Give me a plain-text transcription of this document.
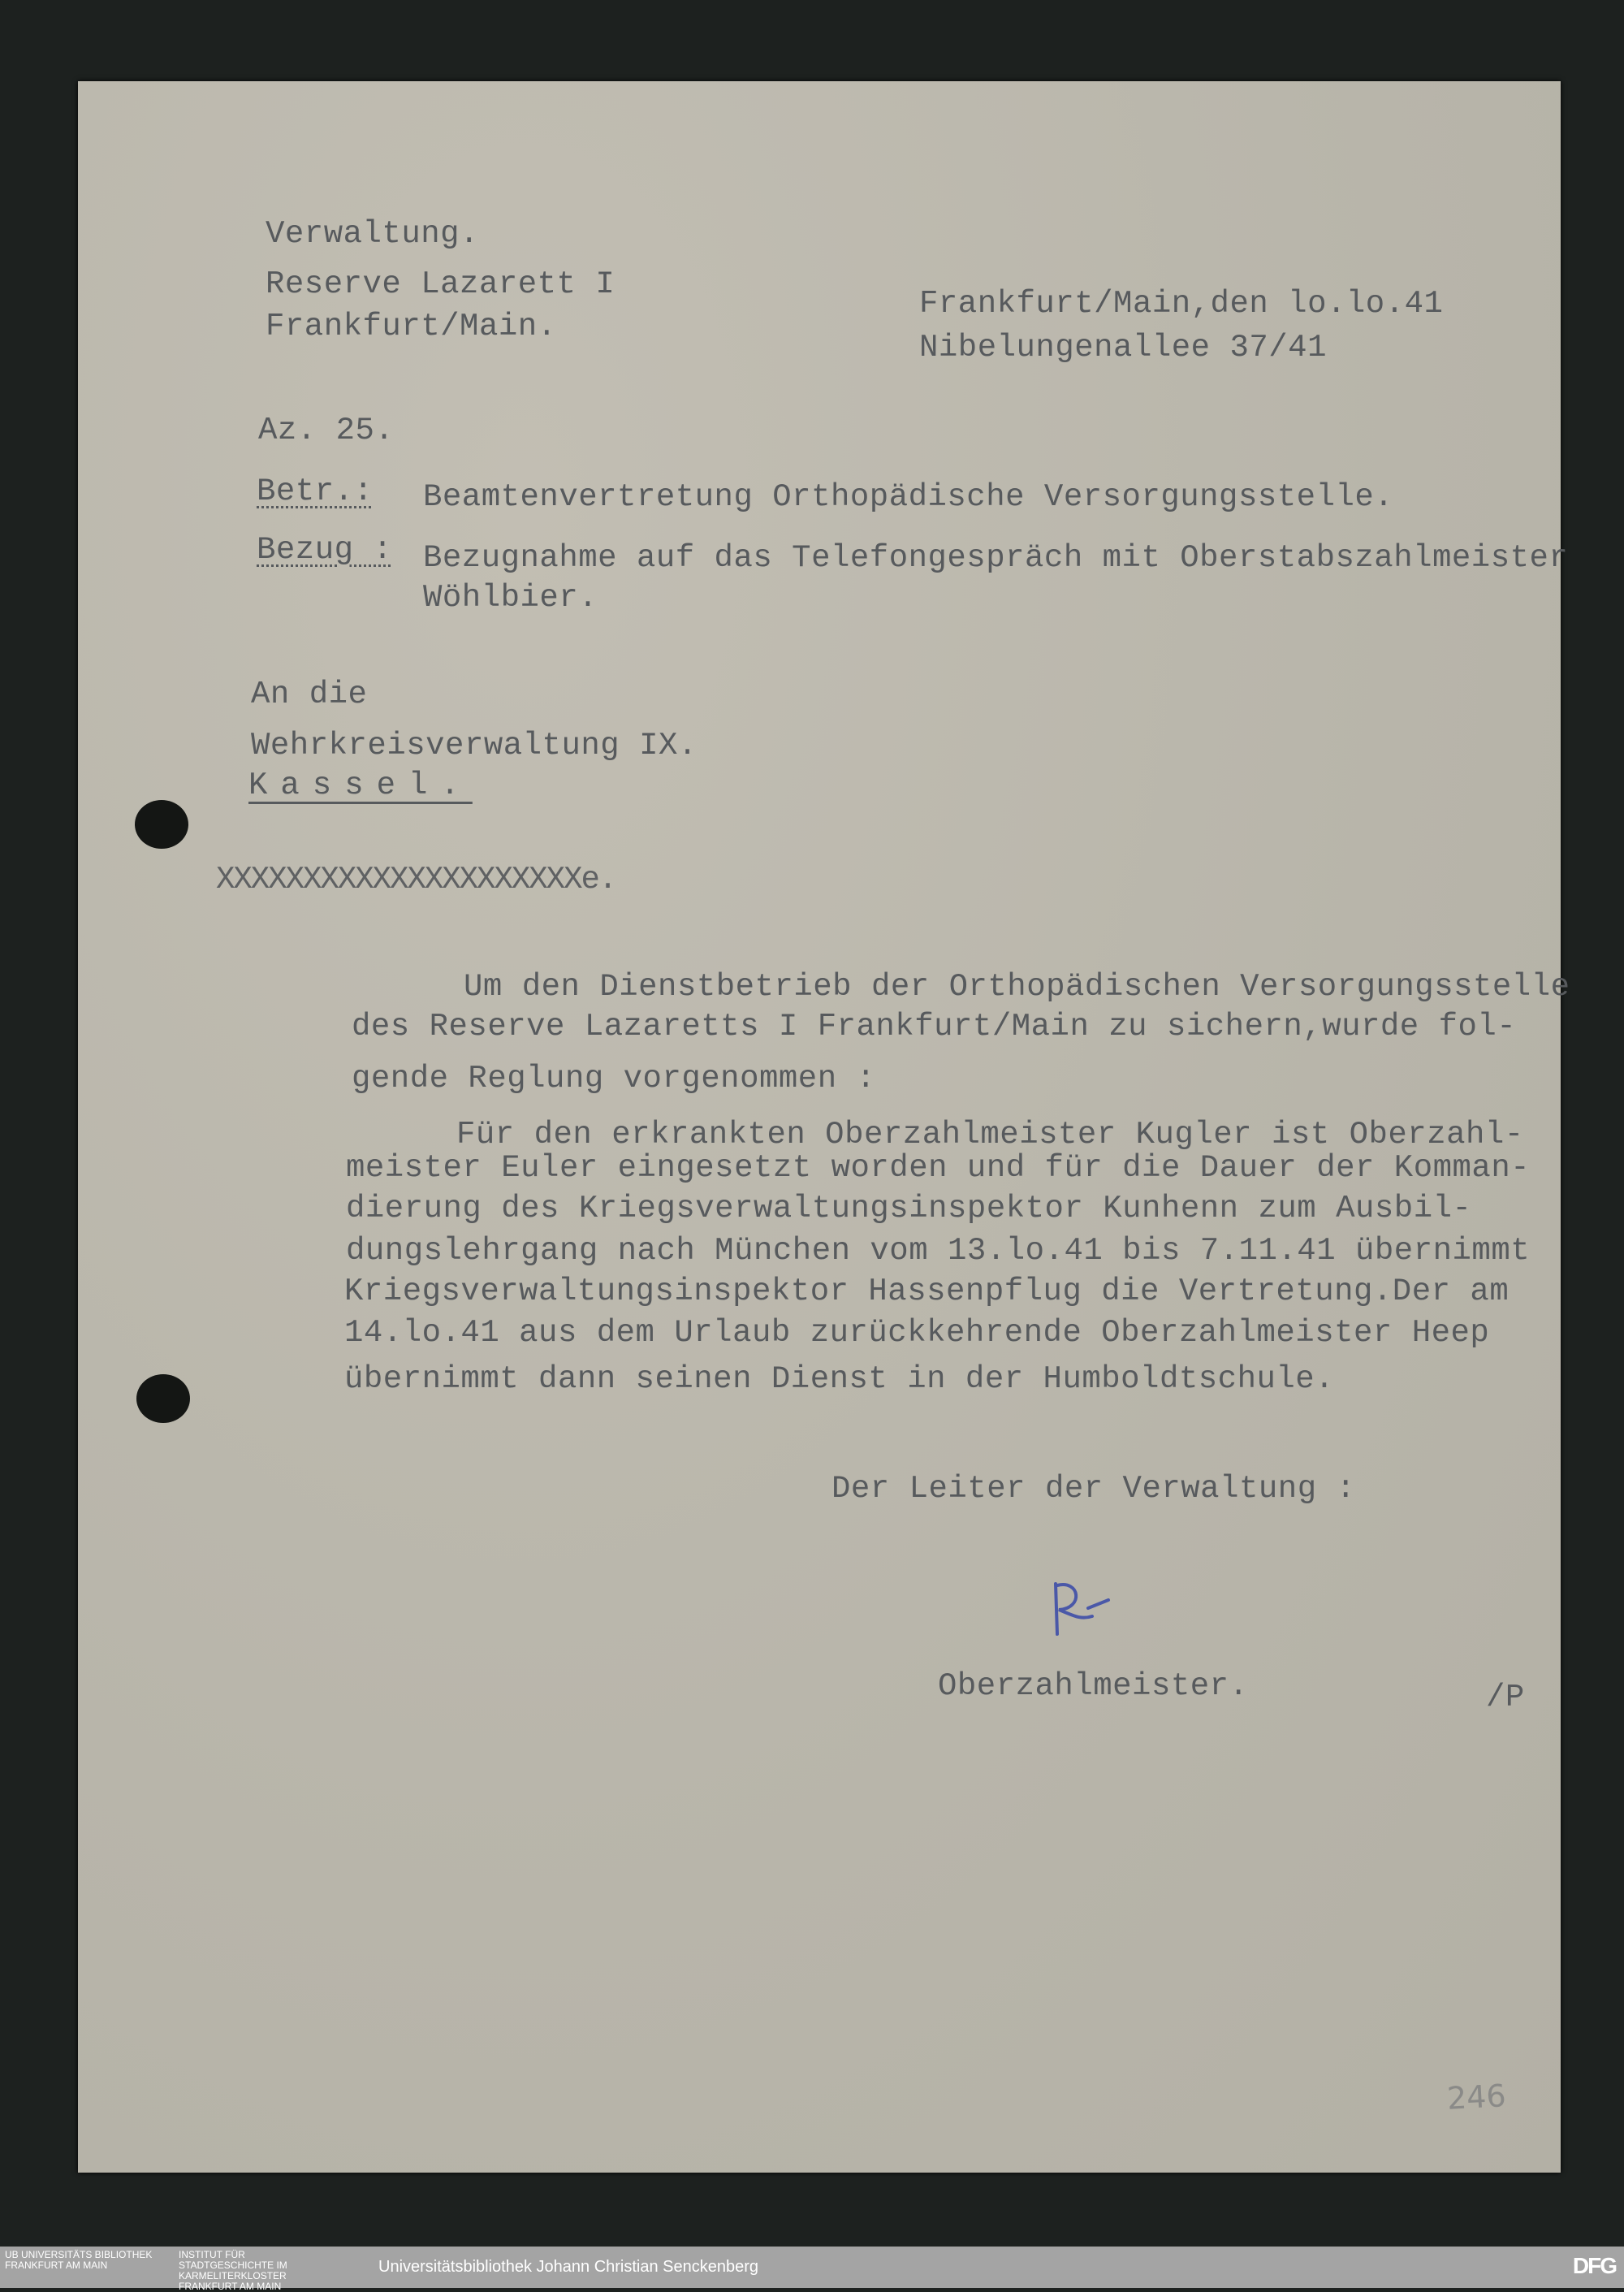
Verwaltung.
Reserve Lazarett I
Frankfurt/Main.
Frankfurt/Main,den lo.lo.41
Nibelungenallee 37/41
Az. 25.
Betr.: Beamtenvertretung Orthopädische Versorgungsstelle.
Bezug : Bezugnahme auf das Telefongespräch mit Oberstabszahlmeister
Wöhlbier.
An die
Wehrkreisverwaltung IX.
Kassel.
XXXXXXXXXXXXXXXXXXXXXe.
Um den Dienstbetrieb der Orthopädischen Versorgungsstelle
des Reserve Lazaretts I Frankfurt/Main zu sichern,wurde fol-
gende Reglung vorgenommen :
Für den erkrankten Oberzahlmeister Kugler ist Oberzahl-
meister Euler eingesetzt worden und für die Dauer der Komman-
dierung des Kriegsverwaltungsinspektor Kunhenn zum Ausbil-
dungslehrgang nach München vom 13.lo.41 bis 7.11.41 übernimmt
Kriegsverwaltungsinspektor Hassenpflug die Vertretung.Der am
14.lo.41 aus dem Urlaub zurückkehrende Oberzahlmeister Heep
übernimmt dann seinen Dienst in der Humboldtschule.
Der Leiter der Verwaltung :
Oberzahlmeister.	/P
246
UB UNIVERSITÄTS BIBLIOTHEK FRANKFURT AM MAIN
INSTITUT FÜR STADTGESCHICHTE IM KARMELITERKLOSTER FRANKFURT AM MAIN
Universitätsbibliothek Johann Christian Senckenberg	DFG
